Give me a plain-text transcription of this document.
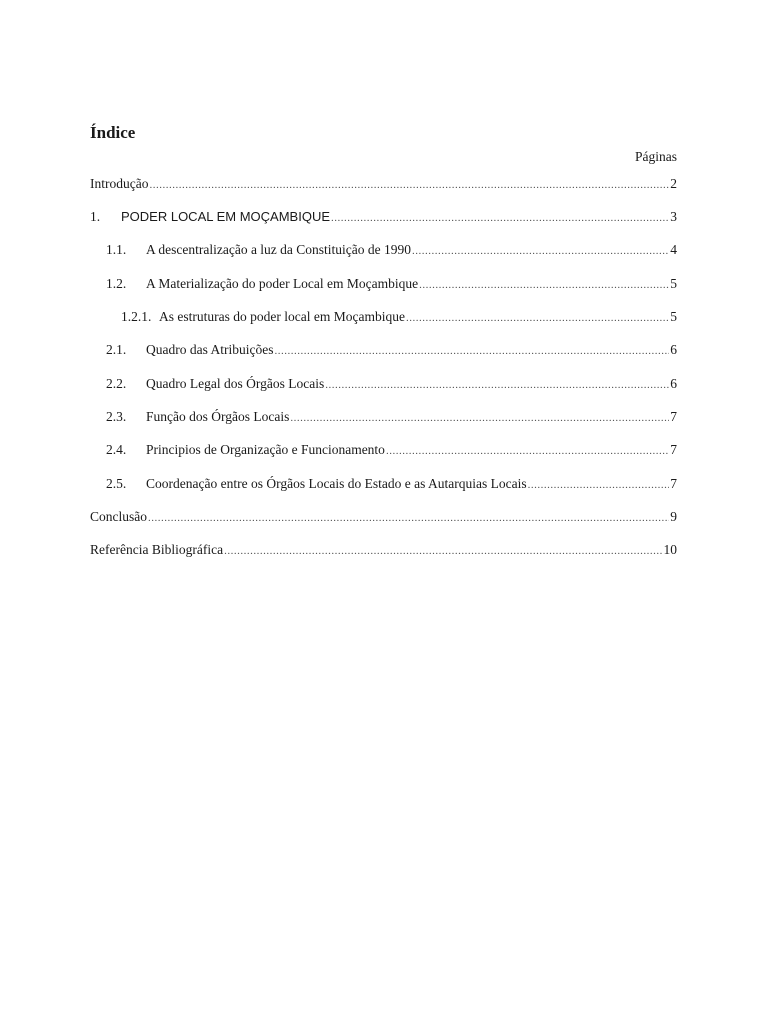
Índice
Páginas
Introdução .....	2
1.	PODER LOCAL EM MOÇAMBIQUE .....	3
1.1.	A descentralização a luz da Constituição de 1990 .....	4
1.2.	A Materialização do poder Local em Moçambique .....	5
1.2.1. As estruturas do poder local em Moçambique .....	5
2.1.	Quadro das Atribuições .....	6
2.2.	Quadro Legal dos Órgãos Locais .....	6
2.3.	Função dos Órgãos Locais .....	7
2.4.	Principios de Organização e Funcionamento .....	7
2.5.	Coordenação entre os Órgãos Locais do Estado e as Autarquias Locais .....	7
Conclusão .....	9
Referência Bibliográfica .....	10
